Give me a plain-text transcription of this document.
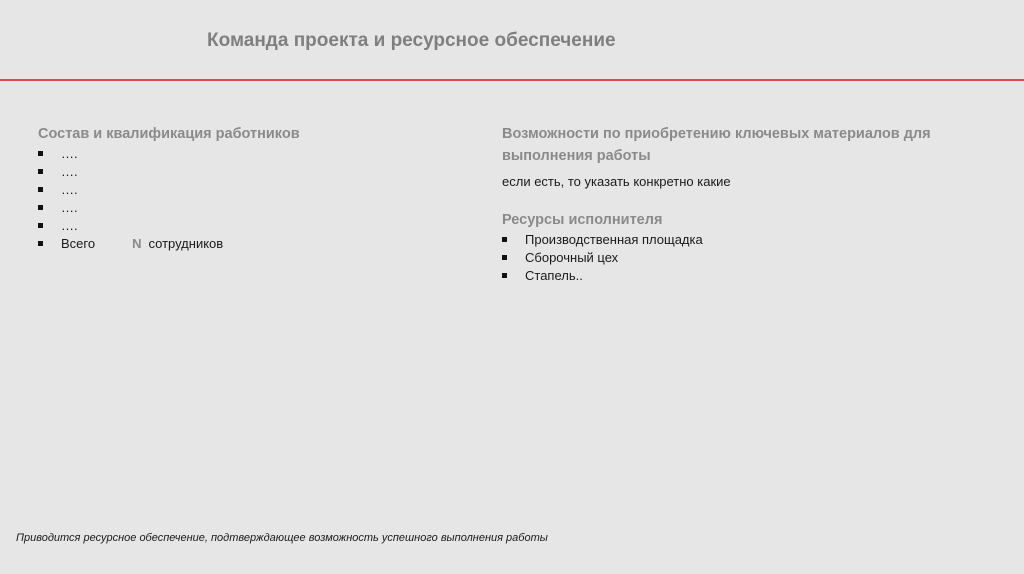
Команда проекта и ресурсное обеспечение
Состав и квалификация работников
….
….
….
….
….
Всего	N сотрудников
Возможности по приобретению ключевых материалов для выполнения работы
если есть, то указать конкретно какие
Ресурсы исполнителя
Производственная площадка
Сборочный цех
Стапель..
Приводится ресурсное обеспечение, подтверждающее возможность успешного выполнения работы
